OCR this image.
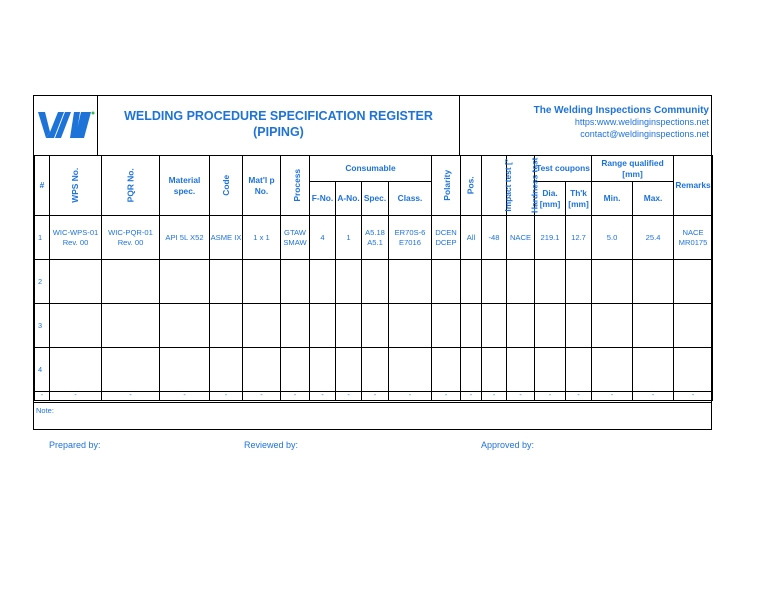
WELDING PROCEDURE SPECIFICATION REGISTER
(PIPING)
The Welding Inspections Community
https:www.weldinginspections.net
contact@weldinginspections.net
#	WPS No.	PQR No.	Material spec.	Code	Mat'l p No.	Process	Consumable				Polarity	Pos.	Impact test [°	Hardness test	Test coupons		Range qualified [mm]		Remarks
							F-No.	A-No.	Spec.	Class.					Dia. [mm]	Th'k [mm]	Min.	Max.	
1	WIC-WPS-01 Rev. 00	WIC-PQR-01 Rev. 00	API 5L X52	ASME IX	1 x 1	GTAW SMAW	4	1	A5.18 A5.1	ER70S-6 E7016	DCEN DCEP	All	-48	NACE	219.1	12.7	5.0	25.4	NACE MR0175
2																			
3																			
4																			
-	-	-	-	-	-	-	-	-	-	-	-	-	-	-	-	-	-	-	-
Note:
Prepared by:	Reviewed by:	Approved by:
